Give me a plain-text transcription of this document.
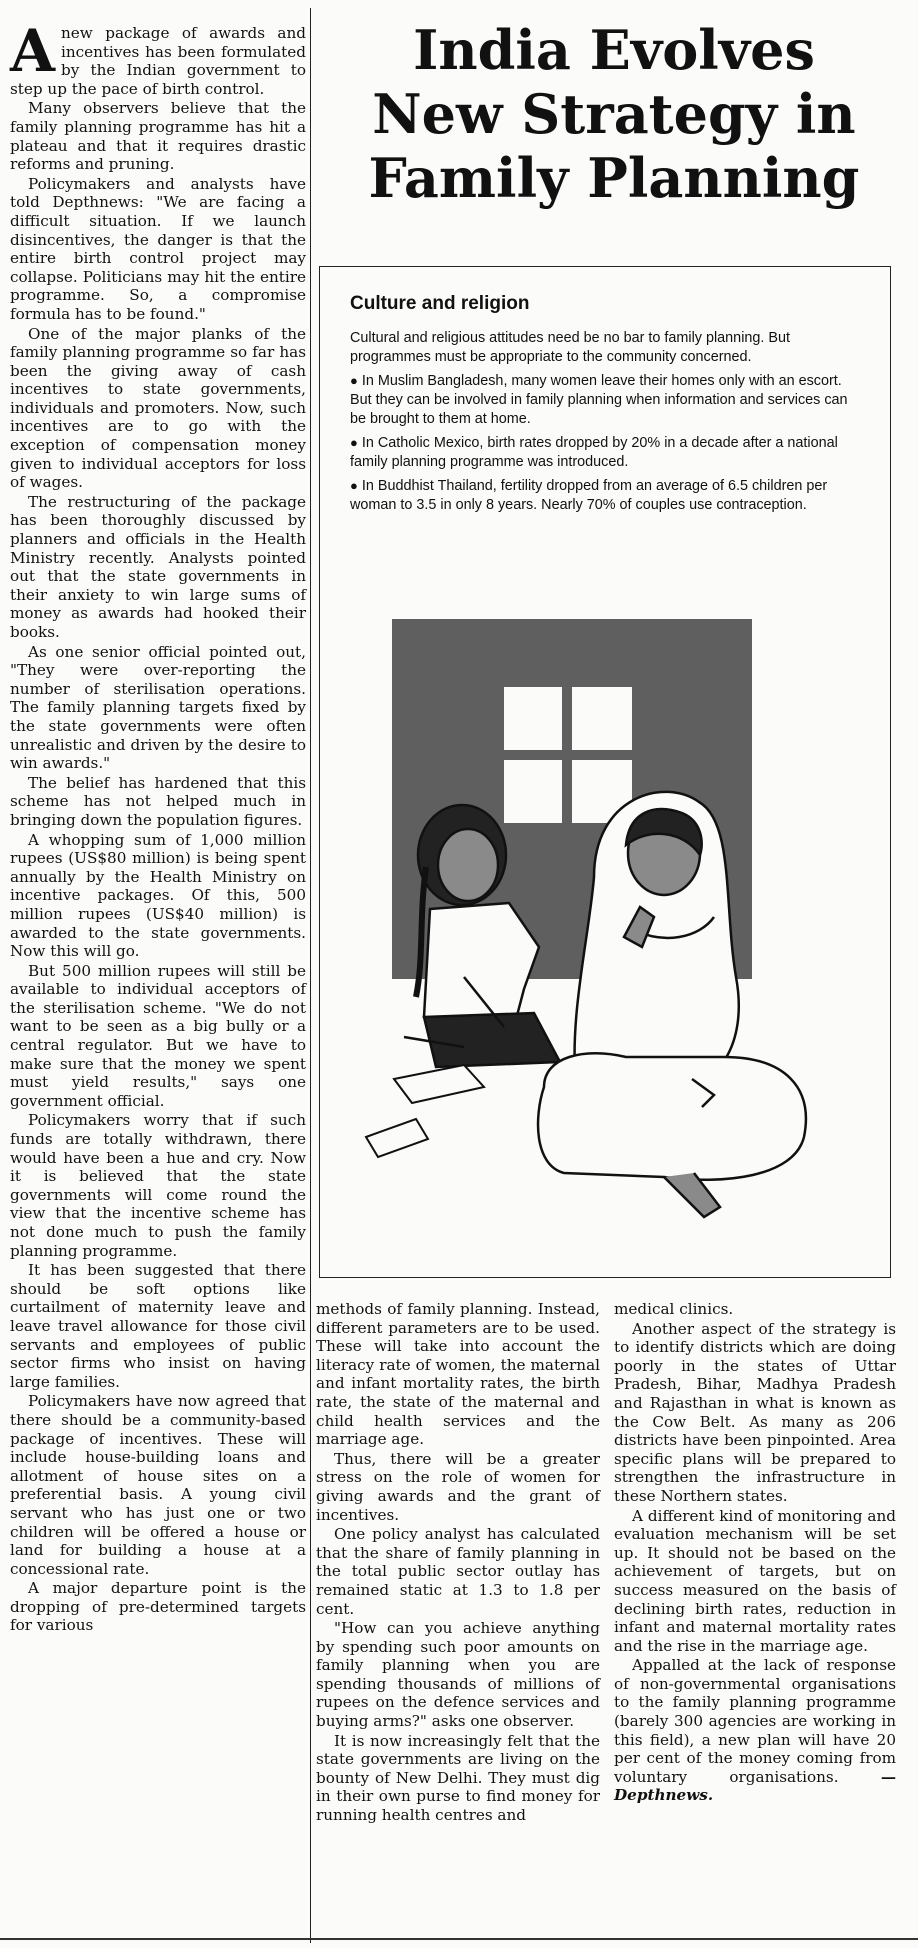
Anew package of awards and incentives has been formulated by the Indian government to step up the pace of birth control.

Many observers believe that the family planning programme has hit a plateau and that it requires drastic reforms and pruning.

Policymakers and analysts have told Depthnews: "We are facing a difficult situation. If we launch disincentives, the danger is that the entire birth control project may collapse. Politicians may hit the entire programme. So, a compromise formula has to be found."

One of the major planks of the family planning programme so far has been the giving away of cash incentives to state governments, individuals and promoters. Now, such incentives are to go with the exception of compensation money given to individual acceptors for loss of wages.

The restructuring of the package has been thoroughly discussed by planners and officials in the Health Ministry recently. Analysts pointed out that the state governments in their anxiety to win large sums of money as awards had hooked their books.

As one senior official pointed out, "They were over-reporting the number of sterilisation operations. The family planning targets fixed by the state governments were often unrealistic and driven by the desire to win awards."

The belief has hardened that this scheme has not helped much in bringing down the population figures.

A whopping sum of 1,000 million rupees (US$80 million) is being spent annually by the Health Ministry on incentive packages. Of this, 500 million rupees (US$40 million) is awarded to the state governments. Now this will go.

But 500 million rupees will still be available to individual acceptors of the sterilisation scheme. "We do not want to be seen as a big bully or a central regulator. But we have to make sure that the money we spent must yield results," says one government official.

Policymakers worry that if such funds are totally withdrawn, there would have been a hue and cry. Now it is believed that the state governments will come round the view that the incentive scheme has not done much to push the family planning programme.

It has been suggested that there should be soft options like curtailment of maternity leave and leave travel allowance for those civil servants and employees of public sector firms who insist on having large families.

Policymakers have now agreed that there should be a community-based package of incentives. These will include house-building loans and allotment of house sites on a preferential basis. A young civil servant who has just one or two children will be offered a house or land for building a house at a concessional rate.

A major departure point is the dropping of pre-determined targets for various

India Evolves
New Strategy in
Family Planning
Culture and religion

Cultural and religious attitudes need be no bar to family planning. But programmes must be appropriate to the community concerned.

● In Muslim Bangladesh, many women leave their homes only with an escort. But they can be involved in family planning when information and services can be brought to them at home.

● In Catholic Mexico, birth rates dropped by 20% in a decade after a national family planning programme was introduced.

● In Buddhist Thailand, fertility dropped from an average of 6.5 children per woman to 3.5 in only 8 years. Nearly 70% of couples use contraception.

methods of family planning. Instead, different parameters are to be used. These will take into account the literacy rate of women, the maternal and infant mortality rates, the birth rate, the state of the maternal and child health services and the marriage age.

Thus, there will be a greater stress on the role of women for giving awards and the grant of incentives.

One policy analyst has calculated that the share of family planning in the total public sector outlay has remained static at 1.3 to 1.8 per cent.

"How can you achieve anything by spending such poor amounts on family planning when you are spending thousands of millions of rupees on the defence services and buying arms?" asks one observer.

It is now increasingly felt that the state governments are living on the bounty of New Delhi. They must dig in their own purse to find money for running health centres and

medical clinics.

Another aspect of the strategy is to identify districts which are doing poorly in the states of Uttar Pradesh, Bihar, Madhya Pradesh and Rajasthan in what is known as the Cow Belt. As many as 206 districts have been pinpointed. Area specific plans will be prepared to strengthen the infrastructure in these Northern states.

A different kind of monitoring and evaluation mechanism will be set up. It should not be based on the achievement of targets, but on success measured on the basis of declining birth rates, reduction in infant and maternal mortality rates and the rise in the marriage age.

Appalled at the lack of response of non-governmental organisations to the family planning programme (barely 300 agencies are working in this field), a new plan will have 20 per cent of the money coming from voluntary organisations.	— Depthnews.
